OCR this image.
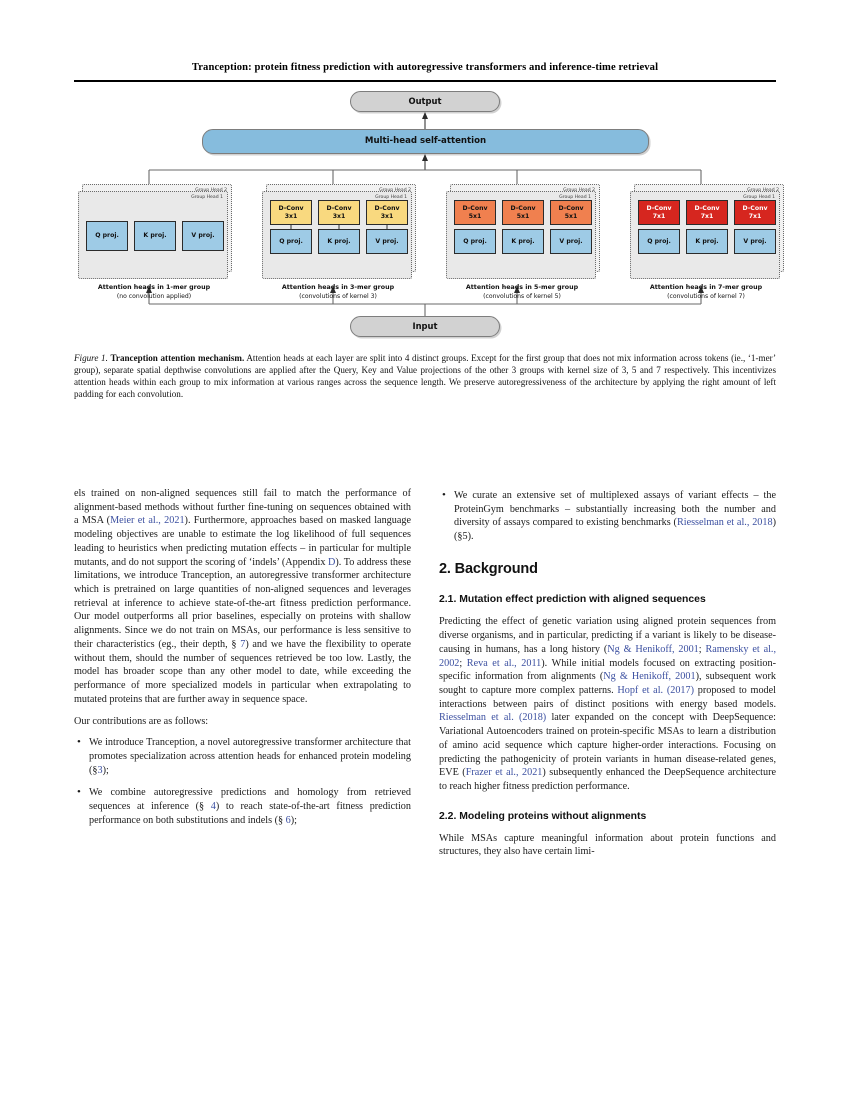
Tranception: protein fitness prediction with autoregressive transformers and inference-time retrieval
Output
Multi-head self-attention
Group Head 1
Q proj.	K proj.	V proj.
Attention heads in 1-mer group
(no convolution applied)
Group Head 1
D-Conv
3x1
D-Conv
3x1
D-Conv
3x1
Q proj.	K proj.	V proj.
Attention heads in 3-mer group
(convolutions of kernel 3)
Group Head 1
D-Conv
5x1
D-Conv
5x1
D-Conv
5x1
Q proj.	K proj.	V proj.
Attention heads in 5-mer group
(convolutions of kernel 5)
Group Head 1
D-Conv
7x1
D-Conv
7x1
D-Conv
7x1
Q proj.	K proj.	V proj.
Attention heads in 7-mer group
(convolutions of kernel 7)
Input
Figure 1. Tranception attention mechanism. Attention heads at each layer are split into 4 distinct groups. Except for the first group that does not mix information across tokens (ie., ‘1-mer’ group), separate spatial depthwise convolutions are applied after the Query, Key and Value projections of the other 3 groups with kernel size of 3, 5 and 7 respectively. This incentivizes attention heads within each group to mix information at various ranges across the sequence length. We preserve autoregressiveness of the architecture by applying the right amount of left padding for each convolution.

els trained on non-aligned sequences still fail to match the performance of alignment-based methods without further fine-tuning on sequences obtained with a MSA (Meier et al., 2021). Furthermore, approaches based on masked language modeling objectives are unable to estimate the log likelihood of full sequences leading to heuristics when predicting mutation effects – in particular for multiple mutants, and do not support the scoring of ‘indels’ (Appendix D). To address these limitations, we introduce Tranception, an autoregressive transformer architecture which is pretrained on large quantities of non-aligned sequences and leverages retrieval at inference to achieve state-of-the-art fitness prediction performance. Our model outperforms all prior baselines, especially on proteins with shallow alignments. Since we do not train on MSAs, our performance is less sensitive to their characteristics (eg., their depth, § 7) and we have the flexibility to operate without them, should the number of sequences retrieved be too low. Lastly, the model has broader scope than any other model to date, while exceeding the performance of more specialized models in particular when extrapolating to mutated proteins that are further away in sequence space.

Our contributions are as follows:

• We introduce Tranception, a novel autoregressive transformer architecture that promotes specialization across attention heads for enhanced protein modeling (§3);
• We combine autoregressive predictions and homology from retrieved sequences at inference (§ 4) to reach state-of-the-art fitness prediction performance on both substitutions and indels (§ 6);
• We curate an extensive set of multiplexed assays of variant effects – the ProteinGym benchmarks – substantially increasing both the number and diversity of assays compared to existing benchmarks (Riesselman et al., 2018) (§5).
2. Background
2.1. Mutation effect prediction with aligned sequences

Predicting the effect of genetic variation using aligned protein sequences from diverse organisms, and in particular, predicting if a variant is likely to be disease-causing in humans, has a long history (Ng & Henikoff, 2001; Ramensky et al., 2002; Reva et al., 2011). While initial models focused on extracting position-specific information from alignments (Ng & Henikoff, 2001), subsequent work sought to capture more complex patterns. Hopf et al. (2017) proposed to model interactions between pairs of distinct positions with energy based models. Riesselman et al. (2018) later expanded on the concept with DeepSequence: Variational Autoencoders trained on protein-specific MSAs to learn a distribution of amino acid sequence which capture higher-order interactions. Focusing on predicting the pathogenicity of protein variants in human disease-related genes, EVE (Frazer et al., 2021) subsequently enhanced the DeepSequence architecture to reach higher fitness prediction performance.

2.2. Modeling proteins without alignments

While MSAs capture meaningful information about protein functions and structures, they also have certain limi-
